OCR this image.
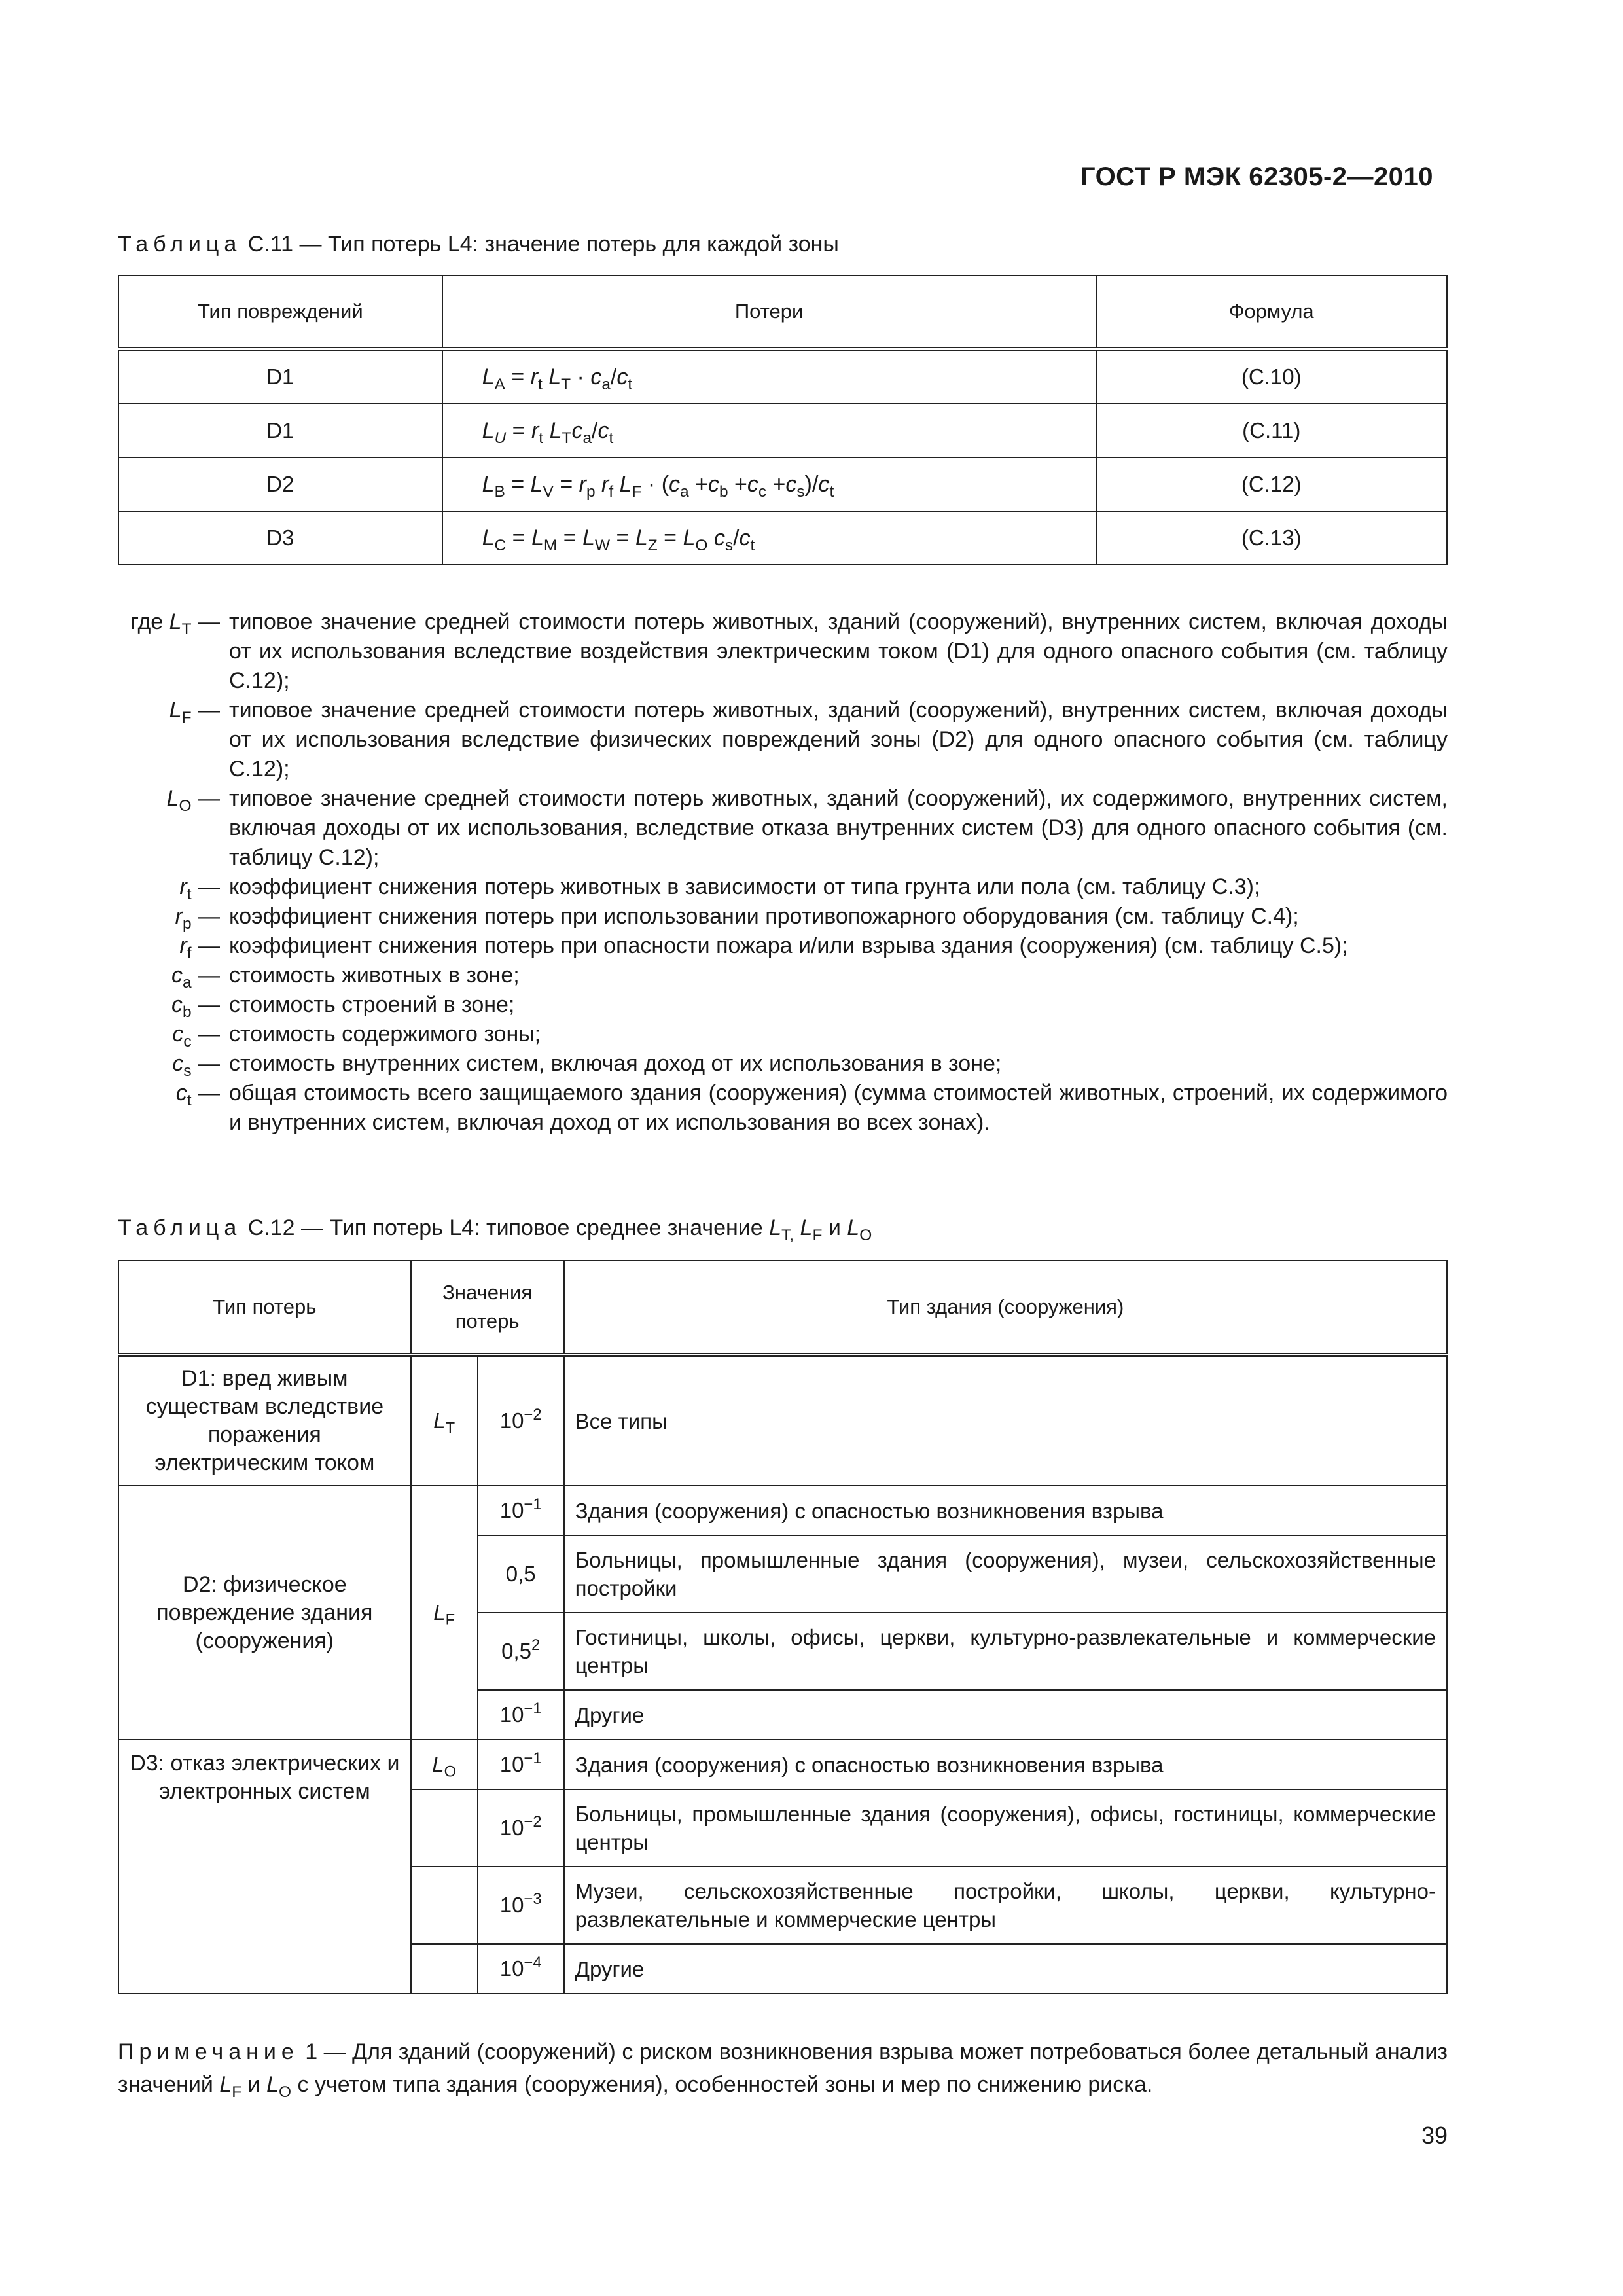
ГОСТ Р МЭК 62305-2—2010
Таблица С.11 — Тип потерь L4: значение потерь для каждой зоны
Тип повреждений	Потери	Формула
D1	$L_A = r_t$ $L_T \cdot c_a/c_t$	(С.10)
D1	$L_U = r_t$ $L_Tc_a/c_t$	(С.11)
D2	$L_B = L_V = r_p$ $r_f$ $L_F \cdot (c_a +c_b +c_c +c_s)/c_t$	(С.12)
D3	$L_C = L_M = L_W = L_Z = L_O$ $c_s/c_t$	(С.13)
где $L_T$ — типовое значение средней стоимости потерь животных, зданий (сооружений), внутренних систем, включая доходы от их использования вследствие воздействия электрическим током (D1) для одного опасного события (см. таблицу С.12);
$L_F$ — типовое значение средней стоимости потерь животных, зданий (сооружений), внутренних систем, включая доходы от их использования вследствие физических повреждений зоны (D2) для одного опасного события (см. таблицу С.12);
$L_O$ — типовое значение средней стоимости потерь животных, зданий (сооружений), их содержимого, внутренних систем, включая доходы от их использования, вследствие отказа внутренних систем (D3) для одного опасного события (см. таблицу С.12);
$r_t$ — коэффициент снижения потерь животных в зависимости от типа грунта или пола (см. таблицу С.3);
$r_p$ — коэффициент снижения потерь при использовании противопожарного оборудования (см. таблицу С.4);
$r_f$ — коэффициент снижения потерь при опасности пожара и/или взрыва здания (сооружения) (см. таблицу С.5);
$c_a$ — стоимость животных в зоне;
$c_b$ — стоимость строений в зоне;
$c_c$ — стоимость содержимого зоны;
$c_s$ — стоимость внутренних систем, включая доход от их использования в зоне;
$c_t$ — общая стоимость всего защищаемого здания (сооружения) (сумма стоимостей животных, строений, их содержимого и внутренних систем, включая доход от их использования во всех зонах).
Таблица С.12 — Тип потерь L4: типовое среднее значение $L_{T,}$ $L_F$ и $L_O$
Тип потерь	Значения потерь		Тип здания (сооружения)
D1: вред живым существам вследствие поражения электрическим током	$L_T$	$10^{-2}$	Все типы
D2: физическое повреждение здания (сооружения)	$L_F$	$10^{-1}$	Здания (сооружения) с опасностью возникновения взрыва
		0,5	Больницы, промышленные здания (сооружения), музеи, сельскохозяйственные постройки
		$0,5^2$	Гостиницы, школы, офисы, церкви, культурно-развлекательные и коммерческие центры
		$10^{-1}$	Другие
D3: отказ электрических и электронных систем	$L_O$	$10^{-1}$	Здания (сооружения) с опасностью возникновения взрыва
		$10^{-2}$	Больницы, промышленные здания (сооружения), офисы, гостиницы, коммерческие центры
		$10^{-3}$	Музеи, сельскохозяйственные постройки, школы, церкви, культурно-развлекательные и коммерческие центры
		$10^{-4}$	Другие
Примечание 1 — Для зданий (сооружений) с риском возникновения взрыва может потребоваться более детальный анализ значений $L_F$ и $L_O$ с учетом типа здания (сооружения), особенностей зоны и мер по снижению риска.
39
